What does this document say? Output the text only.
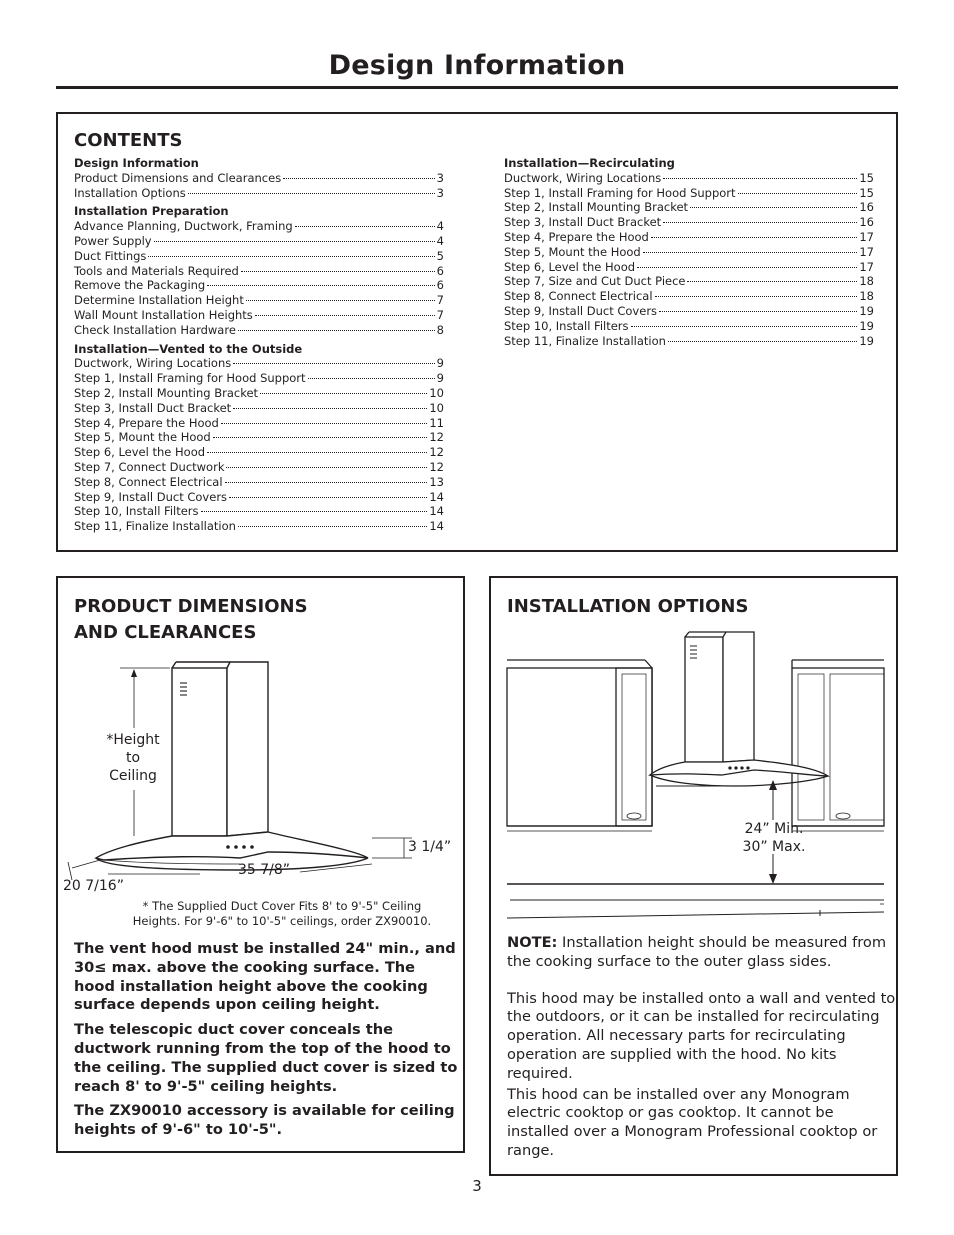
Design Information
CONTENTS
Design Information
Product Dimensions and Clearances	3
Installation Options	3
Installation Preparation
Advance Planning, Ductwork, Framing	4
Power Supply	4
Duct Fittings	5
Tools and Materials Required	6
Remove the Packaging	6
Determine Installation Height	7
Wall Mount Installation Heights	7
Check Installation Hardware	8
Installation—Vented to the Outside
Ductwork, Wiring Locations	9
Step 1, Install Framing for Hood Support	9
Step 2, Install Mounting Bracket	10
Step 3, Install Duct Bracket	10
Step 4, Prepare the Hood	11
Step 5, Mount the Hood	12
Step 6, Level the Hood	12
Step 7, Connect Ductwork	12
Step 8, Connect Electrical	13
Step 9, Install Duct Covers	14
Step 10, Install Filters	14
Step 11, Finalize Installation	14
Installation—Recirculating
Ductwork, Wiring Locations	15
Step 1, Install Framing for Hood Support	15
Step 2, Install Mounting Bracket	16
Step 3, Install Duct Bracket	16
Step 4, Prepare the Hood	17
Step 5, Mount the Hood	17
Step 6, Level the Hood	17
Step 7, Size and Cut Duct Piece	18
Step 8, Connect Electrical	18
Step 9, Install Duct Covers	19
Step 10, Install Filters	19
Step 11, Finalize Installation	19
PRODUCT DIMENSIONS
AND CLEARANCES

The vent hood must be installed 24" min., and 30≤ max. above the cooking surface. The hood installation height above the cooking surface depends upon ceiling height.

The telescopic duct cover conceals the ductwork running from the top of the hood to the ceiling. The supplied duct cover is sized to reach 8' to 9'-5" ceiling heights.

The ZX90010 accessory is available for ceiling heights of 9'-6" to 10'-5".

*Height
to
Ceiling
3 1/4”
35 7/8”
20 7/16”
* The Supplied Duct Cover Fits 8' to 9'-5" Ceiling
Heights. For 9'-6" to 10'-5" ceilings, order ZX90010.
INSTALLATION OPTIONS

NOTE: Installation height should be measured from the cooking surface to the outer glass sides.

This hood may be installed onto a wall and vented to the outdoors, or it can be installed for recirculating operation. All necessary parts for recirculating operation are supplied with the hood. No kits required.

This hood can be installed over any Monogram electric cooktop or gas cooktop. It cannot be installed over a Monogram Professional cooktop or range.

24” Min.
30” Max.
3
